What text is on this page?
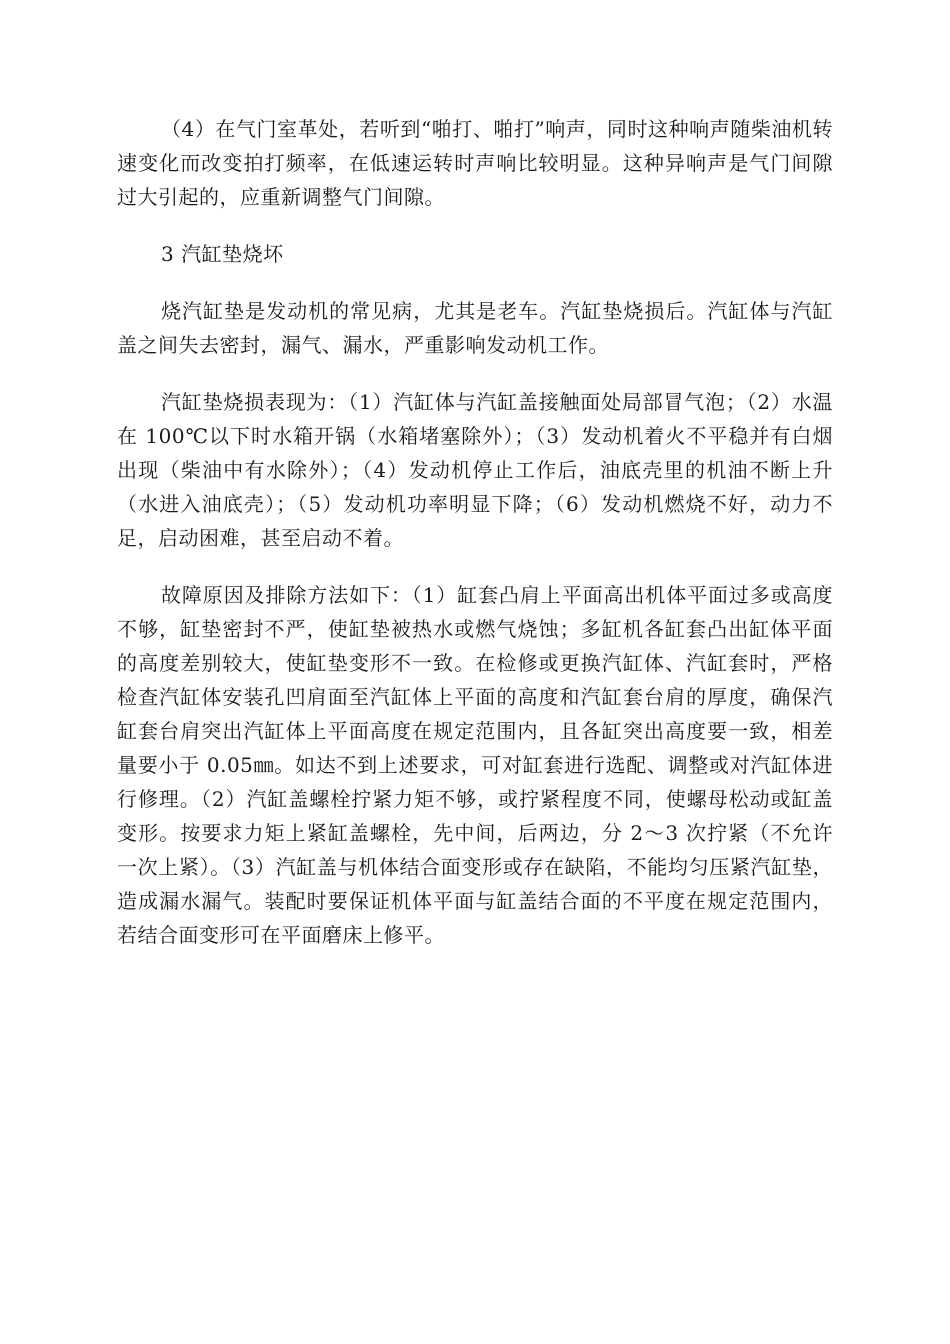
（4）在气门室革处，若听到“啪打、啪打”响声，同时这种响声随柴油机转速变化而改变拍打频率，在低速运转时声响比较明显。这种异响声是气门间隙过大引起的，应重新调整气门间隙。

3 汽缸垫烧坏

烧汽缸垫是发动机的常见病，尤其是老车。汽缸垫烧损后。汽缸体与汽缸盖之间失去密封，漏气、漏水，严重影响发动机工作。

汽缸垫烧损表现为：（1）汽缸体与汽缸盖接触面处局部冒气泡；（2）水温在 100℃以下时水箱开锅（水箱堵塞除外）；（3）发动机着火不平稳并有白烟出现（柴油中有水除外）；（4）发动机停止工作后，油底壳里的机油不断上升（水进入油底壳）；（5）发动机功率明显下降；（6）发动机燃烧不好，动力不足，启动困难，甚至启动不着。

故障原因及排除方法如下：（1）缸套凸肩上平面高出机体平面过多或高度不够，缸垫密封不严，使缸垫被热水或燃气烧蚀；多缸机各缸套凸出缸体平面的高度差别较大，使缸垫变形不一致。在检修或更换汽缸体、汽缸套时，严格检查汽缸体安装孔凹肩面至汽缸体上平面的高度和汽缸套台肩的厚度，确保汽缸套台肩突出汽缸体上平面高度在规定范围内，且各缸突出高度要一致，相差量要小于 0.05㎜。如达不到上述要求，可对缸套进行选配、调整或对汽缸体进行修理。（2）汽缸盖螺栓拧紧力矩不够，或拧紧程度不同，使螺母松动或缸盖变形。按要求力矩上紧缸盖螺栓，先中间，后两边，分 2～3 次拧紧（不允许一次上紧）。（3）汽缸盖与机体结合面变形或存在缺陷，不能均匀压紧汽缸垫，造成漏水漏气。装配时要保证机体平面与缸盖结合面的不平度在规定范围内，若结合面变形可在平面磨床上修平。
